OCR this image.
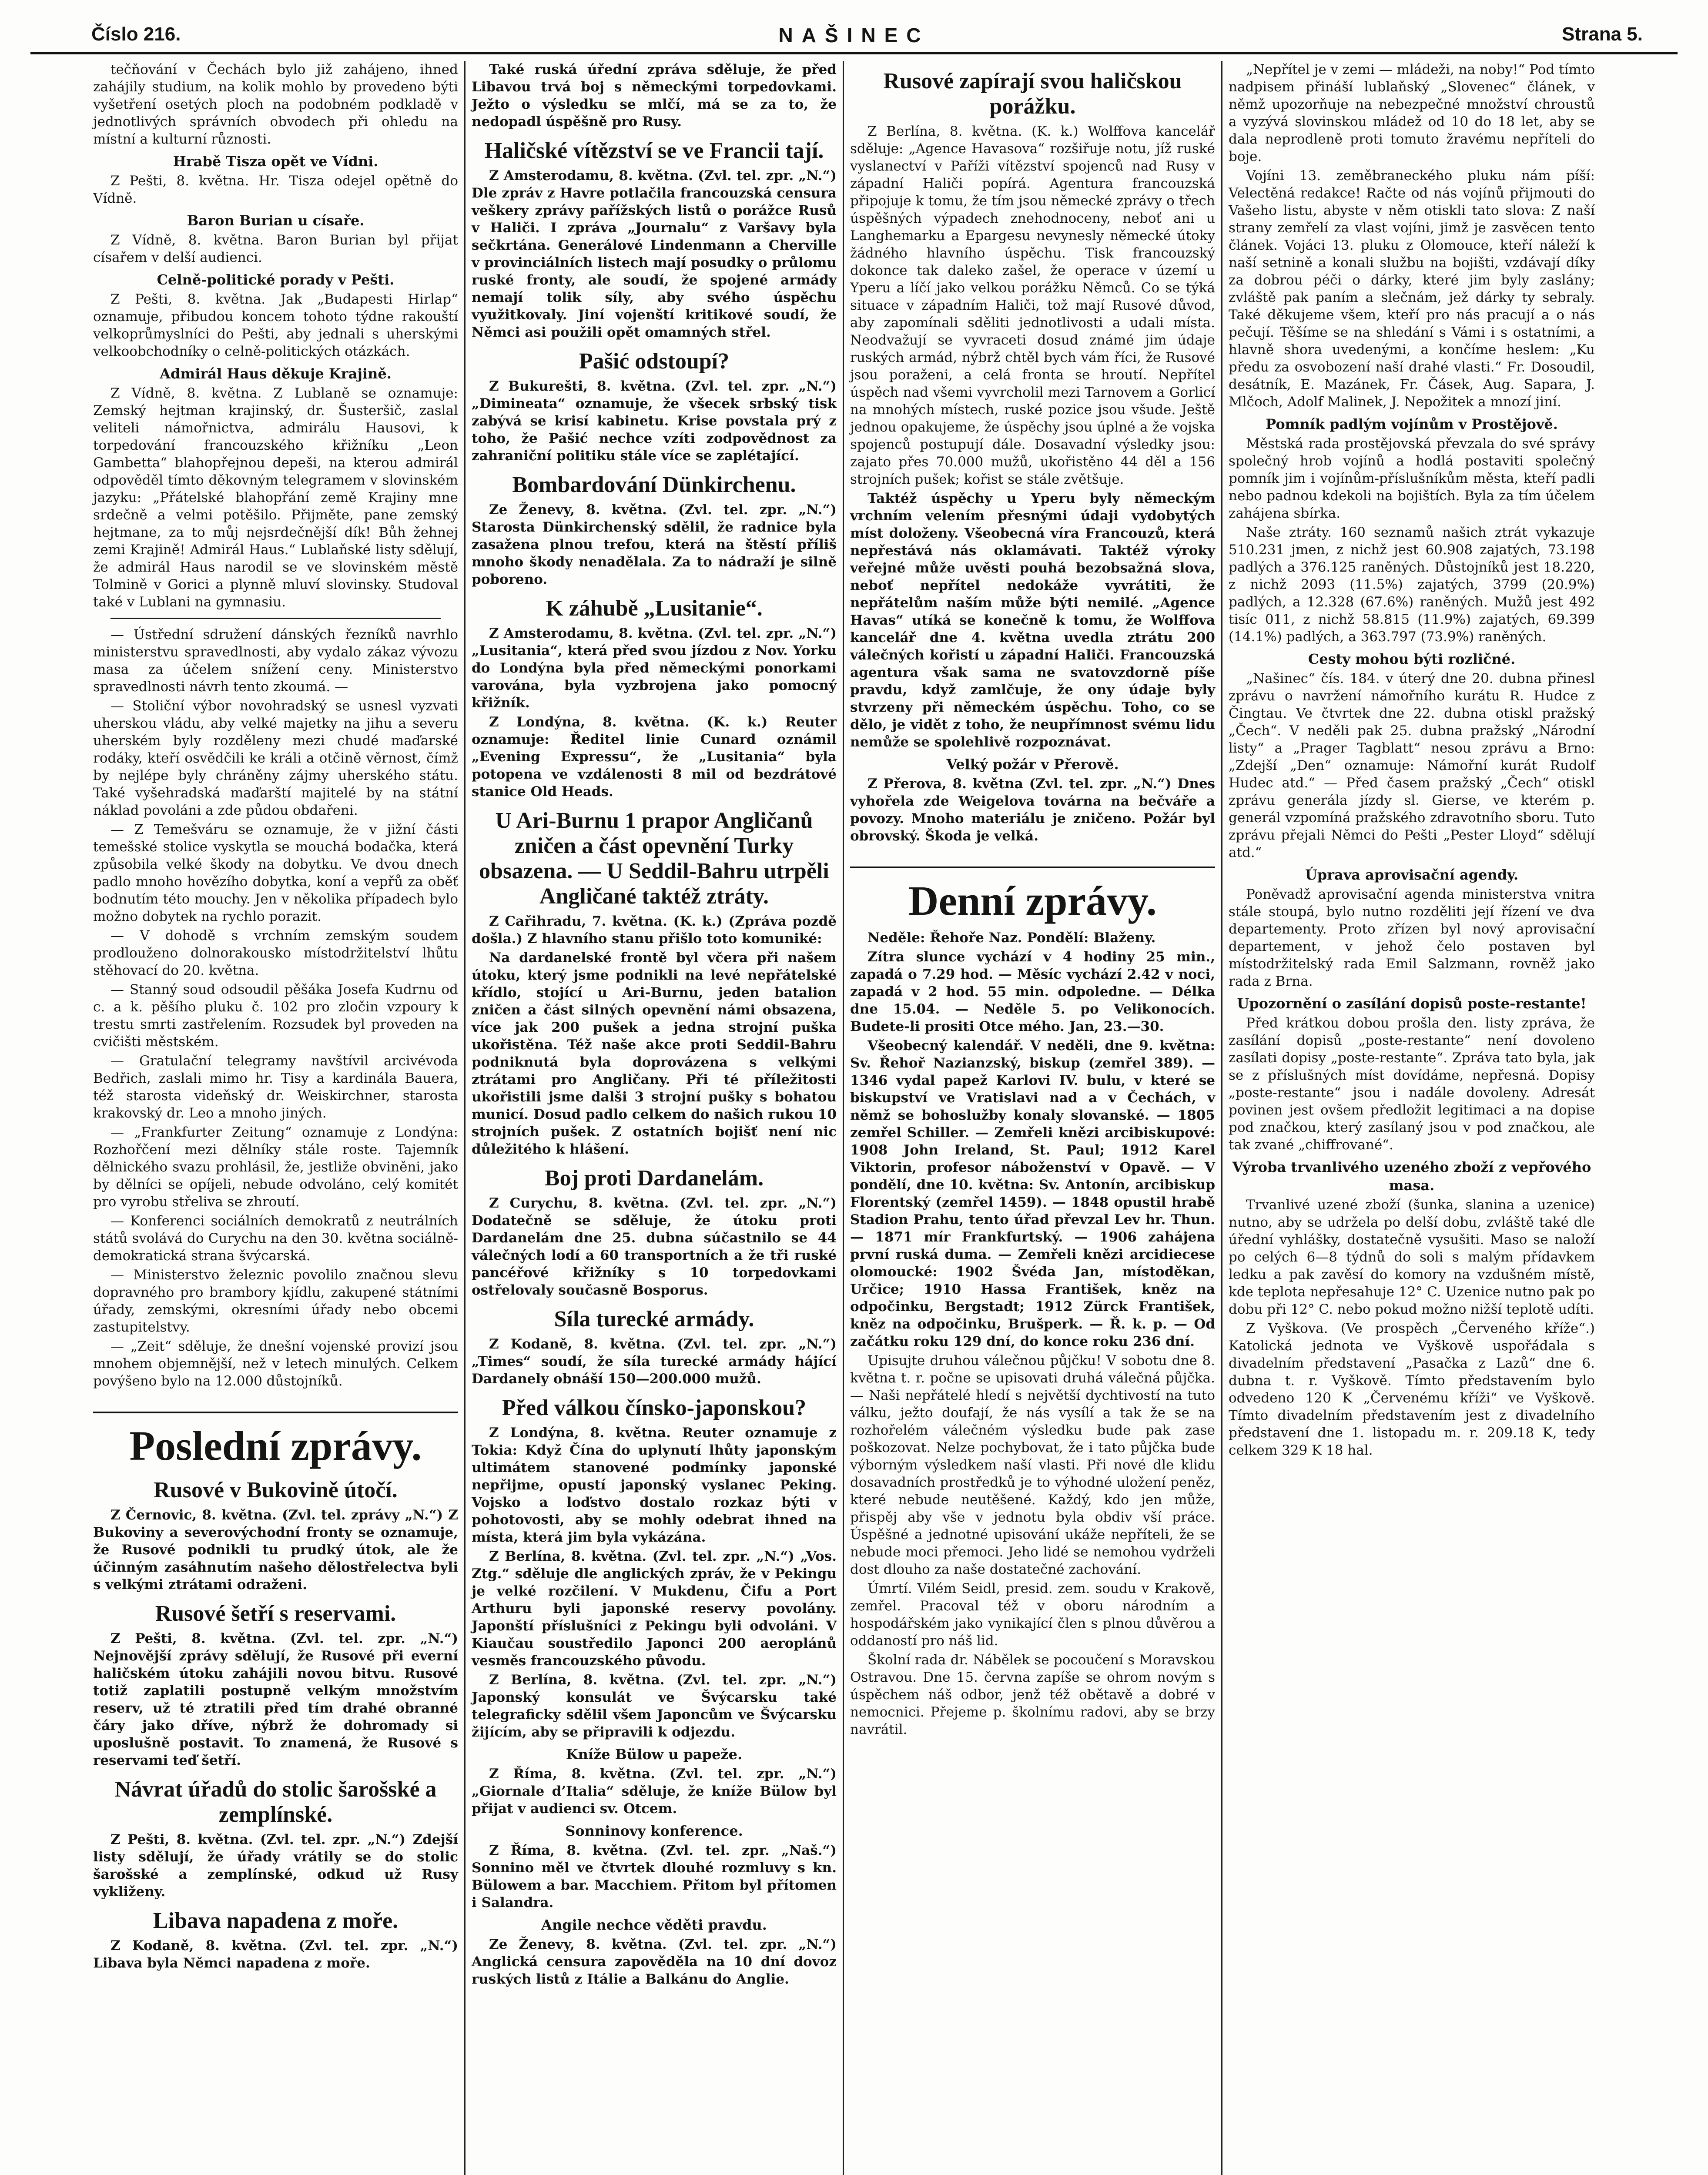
Číslo 216.	NAŠINEC	Strana 5.

tečňování v Čechách bylo již zahájeno, ihned zahájily studium, na kolik mohlo by provedeno býti vyšetření osetých ploch na podobném podkladě v jednotlivých správních obvodech při ohledu na místní a kulturní různosti.

Hrabě Tisza opět ve Vídni.

Z Pešti, 8. května. Hr. Tisza odejel opětně do Vídně.

Baron Burian u císaře.

Z Vídně, 8. května. Baron Burian byl přijat císařem v delší audienci.

Celně-politické porady v Pešti.

Z Pešti, 8. května. Jak „Budapesti Hirlap“ oznamuje, přibudou koncem tohoto týdne rakouští velkoprůmyslníci do Pešti, aby jednali s uherskými velkoobchodníky o celně-politických otázkách.

Admirál Haus děkuje Krajině.

Z Vídně, 8. května. Z Lublaně se oznamuje: Zemský hejtman krajinský, dr. Šusteršič, zaslal veliteli námořnictva, admirálu Hausovi, k torpedování francouzského křižníku „Leon Gambetta“ blahopřejnou depeši, na kterou admirál odpověděl tímto děkovným telegramem v slovinském jazyku: „Přátelské blahopřání země Krajiny mne srdečně a velmi potěšilo. Přijměte, pane zemský hejtmane, za to můj nejsrdečnější dík! Bůh žehnej zemi Krajině! Admirál Haus.“ Lublaňské listy sdělují, že admirál Haus narodil se ve slovinském městě Tolmině v Gorici a plynně mluví slovinsky. Studoval také v Lublani na gymnasiu.

— Ústřední sdružení dánských řezníků navrhlo ministerstvu spravedlnosti, aby vydalo zákaz vývozu masa za účelem snížení ceny. Ministerstvo spravedlnosti návrh tento zkoumá. —

— Stoliční výbor novohradský se usnesl vyzvati uherskou vládu, aby velké majetky na jihu a severu uherském byly rozděleny mezi chudé maďarské rodáky, kteří osvědčili ke králi a otčině věrnost, čímž by nejlépe byly chráněny zájmy uherského státu. Také vyšehradská maďarští majitelé by na státní náklad povoláni a zde půdou obdařeni.

— Z Temešváru se oznamuje, že v jižní části temešské stolice vyskytla se mouchá bodačka, která způsobila velké škody na dobytku. Ve dvou dnech padlo mnoho hovězího dobytka, koní a vepřů za oběť bodnutím této mouchy. Jen v několika případech bylo možno dobytek na rychlo porazit.

— V dohodě s vrchním zemským soudem prodlouženo dolnorakousko místodržitelství lhůtu stěhovací do 20. května.

— Stanný soud odsoudil pěšáka Josefa Kudrnu od c. a k. pěšího pluku č. 102 pro zločin vzpoury k trestu smrti zastřelením. Rozsudek byl proveden na cvičišti městském.

— Gratulační telegramy navštívil arcivévoda Bedřich, zaslali mimo hr. Tisy a kardinála Bauera, též starosta videňský dr. Weiskirchner, starosta krakovský dr. Leo a mnoho jiných.

— „Frankfurter Zeitung“ oznamuje z Londýna: Rozhořčení mezi dělníky stále roste. Tajemník dělnického svazu prohlásil, že, jestliže obviněni, jako by dělníci se opíjeli, nebude odvoláno, celý komitét pro vyrobu střeliva se zhroutí.

— Konferenci sociálních demokratů z neutrálních států svolává do Curychu na den 30. května sociálně-demokratická strana švýcarská.

— Ministerstvo železnic povolilo značnou slevu dopravného pro brambory kjídlu, zakupené státními úřady, zemskými, okresními úřady nebo obcemi zastupitelstvy.

— „Zeit“ sděluje, že dnešní vojenské provizí jsou mnohem objemnější, než v letech minulých. Celkem povýšeno bylo na 12.000 důstojníků.

Poslední zprávy.
Rusové v Bukovině útočí.

Z Černovic, 8. května. (Zvl. tel. zprávy „N.“) Z Bukoviny a severovýchodní fronty se oznamuje, že Rusové podnikli tu prudký útok, ale že účinným zasáhnutím našeho dělostřelectva byli s velkými ztrátami odraženi.

Rusové šetří s reservami.

Z Pešti, 8. května. (Zvl. tel. zpr. „N.“) Nejnovější zprávy sdělují, že Rusové při everní haličském útoku zahájili novou bitvu. Rusové totiž zaplatili postupně velkým množstvím reserv, už té ztratili před tím drahé obranné čáry jako dříve, nýbrž že dohromady si uposlušně postavit. To znamená, že Rusové s reservami teď šetří.

Návrat úřadů do stolic šarošské a zemplínské.

Z Pešti, 8. května. (Zvl. tel. zpr. „N.“) Zdejší listy sdělují, že úřady vrátily se do stolic šarošské a zemplínské, odkud už Rusy vykliženy.

Libava napadena z moře.

Z Kodaně, 8. května. (Zvl. tel. zpr. „N.“) Libava byla Němci napadena z moře.

Také ruská úřední zpráva sděluje, že před Libavou trvá boj s německými torpedovkami. Ježto o výsledku se mlčí, má se za to, že nedopadl úspěšně pro Rusy.

Haličské vítězství se ve Francii tají.

Z Amsterodamu, 8. května. (Zvl. tel. zpr. „N.“) Dle zpráv z Havre potlačila francouzská censura veškery zprávy pařížských listů o porážce Rusů v Haliči. I zpráva „Journalu“ z Varšavy byla sečkrtána. Generálové Lindenmann a Cherville v provinciálních listech mají posudky o průlomu ruské fronty, ale soudí, že spojené armády nemají tolik síly, aby svého úspěchu využitkovaly. Jiní vojenští kritikové soudí, že Němci asi použili opět omamných střel.

Pašić odstoupí?

Z Bukurešti, 8. května. (Zvl. tel. zpr. „N.“) „Dimineata“ oznamuje, že všecek srbský tisk zabývá se krisí kabinetu. Krise povstala prý z toho, že Pašić nechce vzíti zodpovědnost za zahraniční politiku stále více se zaplétající.

Bombardování Dünkirchenu.

Ze Ženevy, 8. května. (Zvl. tel. zpr. „N.“) Starosta Dünkirchenský sdělil, že radnice byla zasažena plnou trefou, která na štěstí příliš mnoho škody nenadělala. Za to nádraží je silně poboreno.

K záhubě „Lusitanie“.

Z Amsterodamu, 8. května. (Zvl. tel. zpr. „N.“) „Lusitania“, která před svou jízdou z Nov. Yorku do Londýna byla před německými ponorkami varována, byla vyzbrojena jako pomocný křižník.

Z Londýna, 8. května. (K. k.) Reuter oznamuje: Ředitel linie Cunard oznámil „Evening Expressu“, že „Lusitania“ byla potopena ve vzdálenosti 8 mil od bezdrátové stanice Old Heads.

U Ari-Burnu 1 prapor Angličanů zničen a část opevnění Turky obsazena. — U Seddil-Bahru utrpěli Angličané taktéž ztráty.

Z Cařihradu, 7. května. (K. k.) (Zpráva pozdě došla.) Z hlavního stanu přišlo toto komuniké:

Na dardanelské frontě byl včera při našem útoku, který jsme podnikli na levé nepřátelské křídlo, stojící u Ari-Burnu, jeden batalion zničen a část silných opevnění námi obsazena, více jak 200 pušek a jedna strojní puška ukořistěna. Též naše akce proti Seddil-Bahru podniknutá byla doprovázena s velkými ztrátami pro Angličany. Při té příležitosti ukořistili jsme dalši 3 strojní pušky s bohatou municí. Dosud padlo celkem do našich rukou 10 strojních pušek. Z ostatních bojišť není nic důležitého k hlášení.

Boj proti Dardanelám.

Z Curychu, 8. května. (Zvl. tel. zpr. „N.“) Dodatečně se sděluje, že útoku proti Dardanelám dne 25. dubna súčastnilo se 44 válečných lodí a 60 transportních a že tři ruské pancéřové křižníky s 10 torpedovkami ostřelovaly současně Bosporus.

Síla turecké armády.

Z Kodaně, 8. května. (Zvl. tel. zpr. „N.“) „Times“ soudí, že síla turecké armády hájící Dardanely obnáší 150—200.000 mužů.

Před válkou čínsko-japonskou?

Z Londýna, 8. května. Reuter oznamuje z Tokia: Když Čína do uplynutí lhůty japonským ultimátem stanovené podmínky japonské nepřijme, opustí japonský vyslanec Peking. Vojsko a loďstvo dostalo rozkaz býti v pohotovosti, aby se mohly odebrat ihned na místa, která jim byla vykázána.

Z Berlína, 8. května. (Zvl. tel. zpr. „N.“) „Vos. Ztg.“ sděluje dle anglických zpráv, že v Pekingu je velké rozčilení. V Mukdenu, Čifu a Port Arthuru byli japonské reservy povolány. Japonští příslušníci z Pekingu byli odvoláni. V Kiaučau soustředilo Japonci 200 aeroplánů vesměs francouzského původu.

Z Berlína, 8. května. (Zvl. tel. zpr. „N.“) Japonský konsulát ve Švýcarsku také telegraficky sdělil všem Japoncům ve Švýcarsku žijícím, aby se připravili k odjezdu.

Kníže Bülow u papeže.

Z Říma, 8. května. (Zvl. tel. zpr. „N.“) „Giornale d’Italia“ sděluje, že kníže Bülow byl přijat v audienci sv. Otcem.

Sonninovy konference.

Z Říma, 8. května. (Zvl. tel. zpr. „Naš.“) Sonnino měl ve čtvrtek dlouhé rozmluvy s kn. Bülowem a bar. Macchiem. Přitom byl přítomen i Salandra.

Angile nechce věděti pravdu.

Ze Ženevy, 8. května. (Zvl. tel. zpr. „N.“) Anglická censura zapověděla na 10 dní dovoz ruských listů z Itálie a Balkánu do Anglie.

Rusové zapírají svou haličskou porážku.

Z Berlína, 8. května. (K. k.) Wolffova kancelář sděluje: „Agence Havasova“ rozšiřuje notu, jíž ruské vyslanectví v Paříži vítězství spojenců nad Rusy v západní Haliči popírá. Agentura francouzská připojuje k tomu, že tím jsou německé zprávy o třech úspěšných výpadech znehodnoceny, neboť ani u Langhemarku a Epargesu nevynesly německé útoky žádného hlavního úspěchu. Tisk francouzský dokonce tak daleko zašel, že operace v území u Yperu a líčí jako velkou porážku Němců. Co se týká situace v západním Haliči, tož mají Rusové důvod, aby zapomínali sděliti jednotlivosti a udali místa. Neodvažují se vyvraceti dosud známé jim údaje ruských armád, nýbrž chtěl bych vám říci, že Rusové jsou poraženi, a celá fronta se hroutí. Nepřítel úspěch nad všemi vyvrcholil mezi Tarnovem a Gorlicí na mnohých místech, ruské pozice jsou všude. Ještě jednou opakujeme, že úspěchy jsou úplné a že vojska spojenců postupují dále. Dosavadní výsledky jsou: zajato přes 70.000 mužů, ukořistěno 44 děl a 156 strojních pušek; kořist se stále zvětšuje.

Taktéž úspěchy u Yperu byly německým vrchním velením přesnými údaji vydobytých míst doloženy. Všeobecná víra Francouzů, která nepřestává nás oklamávati. Taktéž výroky veřejné může uvěsti pouhá bezobsažná slova, neboť nepřítel nedokáže vyvrátiti, že nepřátelům naším může býti nemilé. „Agence Havas“ utíká se konečně k tomu, že Wolffova kancelář dne 4. května uvedla ztrátu 200 válečných kořistí u západní Haliči. Francouzská agentura však sama ne svatovzdorně píše pravdu, když zamlčuje, že ony údaje byly stvrzeny při německém úspěchu. Toho, co se dělo, je vidět z toho, že neupřímnost svému lidu nemůže se spolehlivě rozpoznávat.

Velký požár v Přerově.

Z Přerova, 8. května (Zvl. tel. zpr. „N.“) Dnes vyhořela zde Weigelova továrna na bečváře a povozy. Mnoho materiálu je zničeno. Požár byl obrovský. Škoda je velká.

Denní zprávy.

Neděle: Řehoře Naz. Pondělí: Blaženy.

Zítra slunce vychází v 4 hodiny 25 min., zapadá o 7.29 hod. — Měsíc vychází 2.42 v noci, zapadá v 2 hod. 55 min. odpoledne. — Délka dne 15.04. — Neděle 5. po Velikonocích. Budete-li prositi Otce mého. Jan, 23.—30.

Všeobecný kalendář. V neděli, dne 9. května: Sv. Řehoř Nazianzský, biskup (zemřel 389). — 1346 vydal papež Karlovi IV. bulu, v které se biskupství ve Vratislavi nad a v Čechách, v němž se bohoslužby konaly slovanské. — 1805 zemřel Schiller. — Zemřeli knězi arcibiskupové: 1908 John Ireland, St. Paul; 1912 Karel Viktorin, profesor náboženství v Opavě. — V pondělí, dne 10. května: Sv. Antonín, arcibiskup Florentský (zemřel 1459). — 1848 opustil hrabě Stadion Prahu, tento úřad převzal Lev hr. Thun. — 1871 mír Frankfurtský. — 1906 zahájena první ruská duma. — Zemřeli knězi arcidiecese olomoucké: 1902 Švéda Jan, místoděkan, Určice; 1910 Hassa František, kněz na odpočinku, Bergstadt; 1912 Zürck František, kněz na odpočinku, Brušperk. — Ř. k. p. — Od začátku roku 129 dní, do konce roku 236 dní.

Upisujte druhou válečnou půjčku! V sobotu dne 8. května t. r. počne se upisovati druhá válečná půjčka. — Naši nepřátelé hledí s největší dychtivostí na tuto válku, ježto doufají, že nás vysílí a tak že se na rozhořelém válečném výsledku bude pak zase poškozovat. Nelze pochybovat, že i tato půjčka bude výborným výsledkem naší vlasti. Při nové dle klidu dosavadních prostředků je to výhodné uložení peněz, které nebude neutěšené. Každý, kdo jen může, přispěj aby vše v jednotu byla obdiv vší práce. Úspěšné a jednotné upisování ukáže nepříteli, že se nebude moci přemoci. Jeho lidé se nemohou vydrželi dost dlouho za naše dostatečné zachování.

Úmrtí. Vilém Seidl, presid. zem. soudu v Krakově, zemřel. Pracoval též v oboru národním a hospodářském jako vynikající člen s plnou důvěrou a oddaností pro náš lid.

Školní rada dr. Nábělek se pocoučení s Moravskou Ostravou. Dne 15. června zapíše se ohrom novým s úspěchem náš odbor, jenž též obětavě a dobré v nemocnici. Přejeme p. školnímu radovi, aby se brzy navrátil.

„Nepřítel je v zemi — mládeži, na noby!“ Pod tímto nadpisem přináší lublaňský „Slovenec“ článek, v němž upozorňuje na nebezpečné množství chroustů a vyzývá slovinskou mládež od 10 do 18 let, aby se dala neprodleně proti tomuto žravému nepříteli do boje.

Vojíni 13. zeměbraneckého pluku nám píší: Velectěná redakce! Račte od nás vojínů přijmouti do Vašeho listu, abyste v něm otiskli tato slova: Z naší strany zemřelí za vlast vojíni, jimž je zasvěcen tento článek. Vojáci 13. pluku z Olomouce, kteří náleží k naší setnině a konali službu na bojišti, vzdávají díky za dobrou péči o dárky, které jim byly zaslány; zvláště pak paním a slečnám, jež dárky ty sebraly. Také děkujeme všem, kteří pro nás pracují a o nás pečují. Těšíme se na shledání s Vámi i s ostatními, a hlavně shora uvedenými, a končíme heslem: „Ku předu za osvobození naší drahé vlasti.“ Fr. Dosoudil, desátník, E. Mazánek, Fr. Čásek, Aug. Sapara, J. Mlčoch, Adolf Malinek, J. Nepožitek a mnozí jiní.

Pomník padlým vojínům v Prostějově.

Městská rada prostějovská převzala do své správy společný hrob vojínů a hodlá postaviti společný pomník jim i vojínům-příslušníkům města, kteří padli nebo padnou kdekoli na bojištích. Byla za tím účelem zahájena sbírka.

Naše ztráty. 160 seznamů našich ztrát vykazuje 510.231 jmen, z nichž jest 60.908 zajatých, 73.198 padlých a 376.125 raněných. Důstojníků jest 18.220, z nichž 2093 (11.5%) zajatých, 3799 (20.9%) padlých, a 12.328 (67.6%) raněných. Mužů jest 492 tisíc 011, z nichž 58.815 (11.9%) zajatých, 69.399 (14.1%) padlých, a 363.797 (73.9%) raněných.

Cesty mohou býti rozličné.

„Našinec“ čís. 184. v úterý dne 20. dubna přinesl zprávu o navržení námořního kurátu R. Hudce z Čingtau. Ve čtvrtek dne 22. dubna otiskl pražský „Čech“. V neděli pak 25. dubna pražský „Národní listy“ a „Prager Tagblatt“ nesou zprávu a Brno: „Zdejší „Den“ oznamuje: Námořní kurát Rudolf Hudec atd.“ — Před časem pražský „Čech“ otiskl zprávu generála jízdy sl. Gierse, ve kterém p. generál vzpomíná pražského zdravotního sboru. Tuto zprávu přejali Němci do Pešti „Pester Lloyd“ sdělují atd.“

Úprava aprovisační agendy.

Poněvadž aprovisační agenda ministerstva vnitra stále stoupá, bylo nutno rozděliti její řízení ve dva departementy. Proto zřízen byl nový aprovisační departement, v jehož čelo postaven byl místodržitelský rada Emil Salzmann, rovněž jako rada z Brna.

Upozornění o zasílání dopisů poste-restante!

Před krátkou dobou prošla den. listy zpráva, že zasílání dopisů „poste-restante“ není dovoleno zasílati dopisy „poste-restante“. Zpráva tato byla, jak se z příslušných míst dovídáme, nepřesná. Dopisy „poste-restante“ jsou i nadále dovoleny. Adresát povinen jest ovšem předložit legitimaci a na dopise pod značkou, který zasílaný jsou v pod značkou, ale tak zvané „chiffrované“.

Výroba trvanlivého uzeného zboží z vepřového masa.

Trvanlivé uzené zboží (šunka, slanina a uzenice) nutno, aby se udržela po delší dobu, zvláště také dle úřední vyhlášky, dostatečně vysušiti. Maso se naloží po celých 6—8 týdnů do soli s malým přídavkem ledku a pak zavěsí do komory na vzdušném místě, kde teplota nepřesahuje 12° C. Uzenice nutno pak po dobu při 12° C. nebo pokud možno nižší teplotě udíti.

Z Vyškova. (Ve prospěch „Červeného kříže“.) Katolická jednota ve Vyškově uspořádala s divadelním představení „Pasačka z Lazů“ dne 6. dubna t. r. Vyškově. Tímto představením bylo odvedeno 120 K „Červenému kříži“ ve Vyškově. Tímto divadelním představením jest z divadelního představení dne 1. listopadu m. r. 209.18 K, tedy celkem 329 K 18 hal.
